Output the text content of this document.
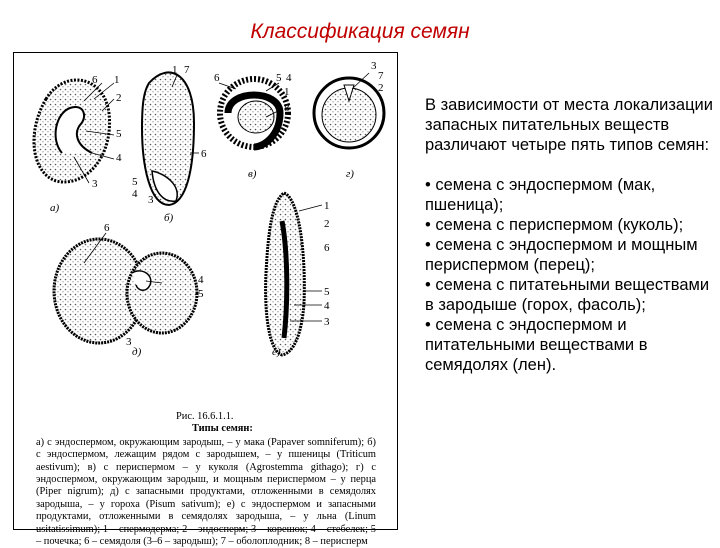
Классификация семян
6 1
2
5
4
3
1 7
6
5
4 3
6	5 4
1
8
3
7
2
6
4
5
3
1
2
6
5
4
3
а)
б)
в)	г)
д)	е)
Рис. 16.6.1.1.
Типы семян:
а) с эндоспермом, окружающим зародыш, – у мака (Papaver somniferum); б) с эндоспермом, лежащим рядом с зародышем, – у пшеницы (Triticum aestivum); в) с периспермом – у куколя (Agrostemma githago); г) с эндоспермом, окружающим зародыш, и мощным периспермом – у перца (Piper nigrum); д) с запасными продуктами, отложенными в семядолях зародыша, – у гороха (Pisum sativum); е) с эндоспермом и запасными продуктами, отложенными в семядолях зародыша, – у льна (Linum usitatissimum); 1 – спермодерма; 2 – эндосперм; 3 – корешок; 4 – стебелек; 5 – почечка; 6 – семядоля (3–6 – зародыш); 7 – оболоплодник; 8 – перисперм

В зависимости от места локализации запасных питательных веществ различают четыре пять типов семян:

• семена с эндоспермом (мак, пшеница);
• семена с периспермом (куколь);
• семена с эндоспермом и мощным периспермом (перец);
• семена с питатеьными веществами в зародыше (горох, фасоль);
• семена с эндоспермом и питательными веществами в семядолях (лен).
